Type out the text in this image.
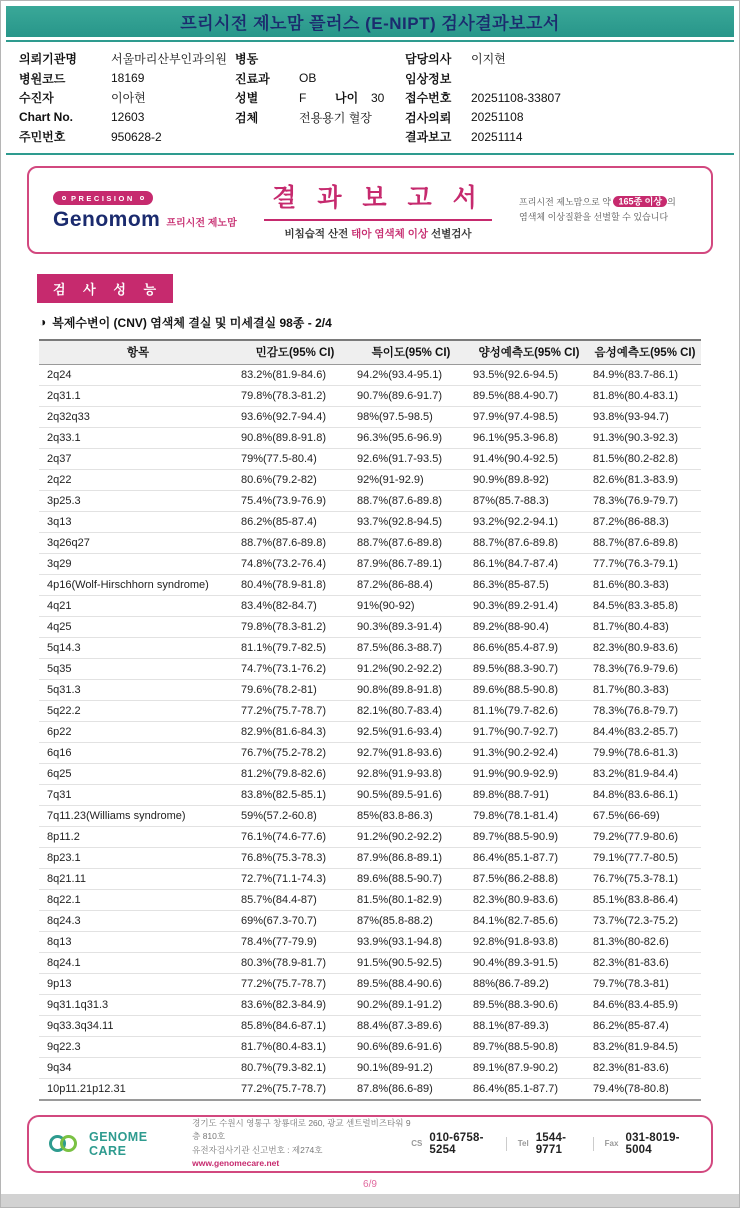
프리시전 제노맘 플러스 (E-NIPT) 검사결과보고서
의뢰기관명	서울마리산부인과의원
병원코드	18169
수진자	이아현
Chart No.	12603
주민번호	950628-2
병동
진료과	OB
성별	F	나이	30
검체	전용용기 혈장
담당의사	이지현
임상정보
접수번호	20251108-33807
검사의뢰	20251108
결과보고	20251114
PRECISION
Genomom 프리시전 제노맘
결 과 보 고 서
비침습적 산전 태아 염색체 이상 선별검사
프리시전 제노맘으로 약 165종 이상 의
염색체 이상질환을 선별할 수 있습니다
검 사 성 능
◑ 복제수변이 (CNV) 염색체 결실 및 미세결실 98종 - 2/4
항목	민감도(95% CI)	특이도(95% CI)	양성예측도(95% CI)	음성예측도(95% CI)
2q24	83.2%(81.9-84.6)	94.2%(93.4-95.1)	93.5%(92.6-94.5)	84.9%(83.7-86.1)
2q31.1	79.8%(78.3-81.2)	90.7%(89.6-91.7)	89.5%(88.4-90.7)	81.8%(80.4-83.1)
2q32q33	93.6%(92.7-94.4)	98%(97.5-98.5)	97.9%(97.4-98.5)	93.8%(93-94.7)
2q33.1	90.8%(89.8-91.8)	96.3%(95.6-96.9)	96.1%(95.3-96.8)	91.3%(90.3-92.3)
2q37	79%(77.5-80.4)	92.6%(91.7-93.5)	91.4%(90.4-92.5)	81.5%(80.2-82.8)
2q22	80.6%(79.2-82)	92%(91-92.9)	90.9%(89.8-92)	82.6%(81.3-83.9)
3p25.3	75.4%(73.9-76.9)	88.7%(87.6-89.8)	87%(85.7-88.3)	78.3%(76.9-79.7)
3q13	86.2%(85-87.4)	93.7%(92.8-94.5)	93.2%(92.2-94.1)	87.2%(86-88.3)
3q26q27	88.7%(87.6-89.8)	88.7%(87.6-89.8)	88.7%(87.6-89.8)	88.7%(87.6-89.8)
3q29	74.8%(73.2-76.4)	87.9%(86.7-89.1)	86.1%(84.7-87.4)	77.7%(76.3-79.1)
4p16(Wolf-Hirschhorn syndrome)	80.4%(78.9-81.8)	87.2%(86-88.4)	86.3%(85-87.5)	81.6%(80.3-83)
4q21	83.4%(82-84.7)	91%(90-92)	90.3%(89.2-91.4)	84.5%(83.3-85.8)
4q25	79.8%(78.3-81.2)	90.3%(89.3-91.4)	89.2%(88-90.4)	81.7%(80.4-83)
5q14.3	81.1%(79.7-82.5)	87.5%(86.3-88.7)	86.6%(85.4-87.9)	82.3%(80.9-83.6)
5q35	74.7%(73.1-76.2)	91.2%(90.2-92.2)	89.5%(88.3-90.7)	78.3%(76.9-79.6)
5q31.3	79.6%(78.2-81)	90.8%(89.8-91.8)	89.6%(88.5-90.8)	81.7%(80.3-83)
5q22.2	77.2%(75.7-78.7)	82.1%(80.7-83.4)	81.1%(79.7-82.6)	78.3%(76.8-79.7)
6p22	82.9%(81.6-84.3)	92.5%(91.6-93.4)	91.7%(90.7-92.7)	84.4%(83.2-85.7)
6q16	76.7%(75.2-78.2)	92.7%(91.8-93.6)	91.3%(90.2-92.4)	79.9%(78.6-81.3)
6q25	81.2%(79.8-82.6)	92.8%(91.9-93.8)	91.9%(90.9-92.9)	83.2%(81.9-84.4)
7q31	83.8%(82.5-85.1)	90.5%(89.5-91.6)	89.8%(88.7-91)	84.8%(83.6-86.1)
7q11.23(Williams syndrome)	59%(57.2-60.8)	85%(83.8-86.3)	79.8%(78.1-81.4)	67.5%(66-69)
8p11.2	76.1%(74.6-77.6)	91.2%(90.2-92.2)	89.7%(88.5-90.9)	79.2%(77.9-80.6)
8p23.1	76.8%(75.3-78.3)	87.9%(86.8-89.1)	86.4%(85.1-87.7)	79.1%(77.7-80.5)
8q21.11	72.7%(71.1-74.3)	89.6%(88.5-90.7)	87.5%(86.2-88.8)	76.7%(75.3-78.1)
8q22.1	85.7%(84.4-87)	81.5%(80.1-82.9)	82.3%(80.9-83.6)	85.1%(83.8-86.4)
8q24.3	69%(67.3-70.7)	87%(85.8-88.2)	84.1%(82.7-85.6)	73.7%(72.3-75.2)
8q13	78.4%(77-79.9)	93.9%(93.1-94.8)	92.8%(91.8-93.8)	81.3%(80-82.6)
8q24.1	80.3%(78.9-81.7)	91.5%(90.5-92.5)	90.4%(89.3-91.5)	82.3%(81-83.6)
9p13	77.2%(75.7-78.7)	89.5%(88.4-90.6)	88%(86.7-89.2)	79.7%(78.3-81)
9q31.1q31.3	83.6%(82.3-84.9)	90.2%(89.1-91.2)	89.5%(88.3-90.6)	84.6%(83.4-85.9)
9q33.3q34.11	85.8%(84.6-87.1)	88.4%(87.3-89.6)	88.1%(87-89.3)	86.2%(85-87.4)
9q22.3	81.7%(80.4-83.1)	90.6%(89.6-91.6)	89.7%(88.5-90.8)	83.2%(81.9-84.5)
9q34	80.7%(79.3-82.1)	90.1%(89-91.2)	89.1%(87.9-90.2)	82.3%(81-83.6)
10p11.21p12.31	77.2%(75.7-78.7)	87.8%(86.6-89)	86.4%(85.1-87.7)	79.4%(78-80.8)
GENOME CARE
경기도 수원시 영통구 창룡대로 260, 광교 센트럴비즈타워 9층 810호
유전자검사기관 신고번호 : 제274호
www.genomecare.net
CS 010-6758-5254	Tel 1544-9771	Fax 031-8019-5004
6/9
